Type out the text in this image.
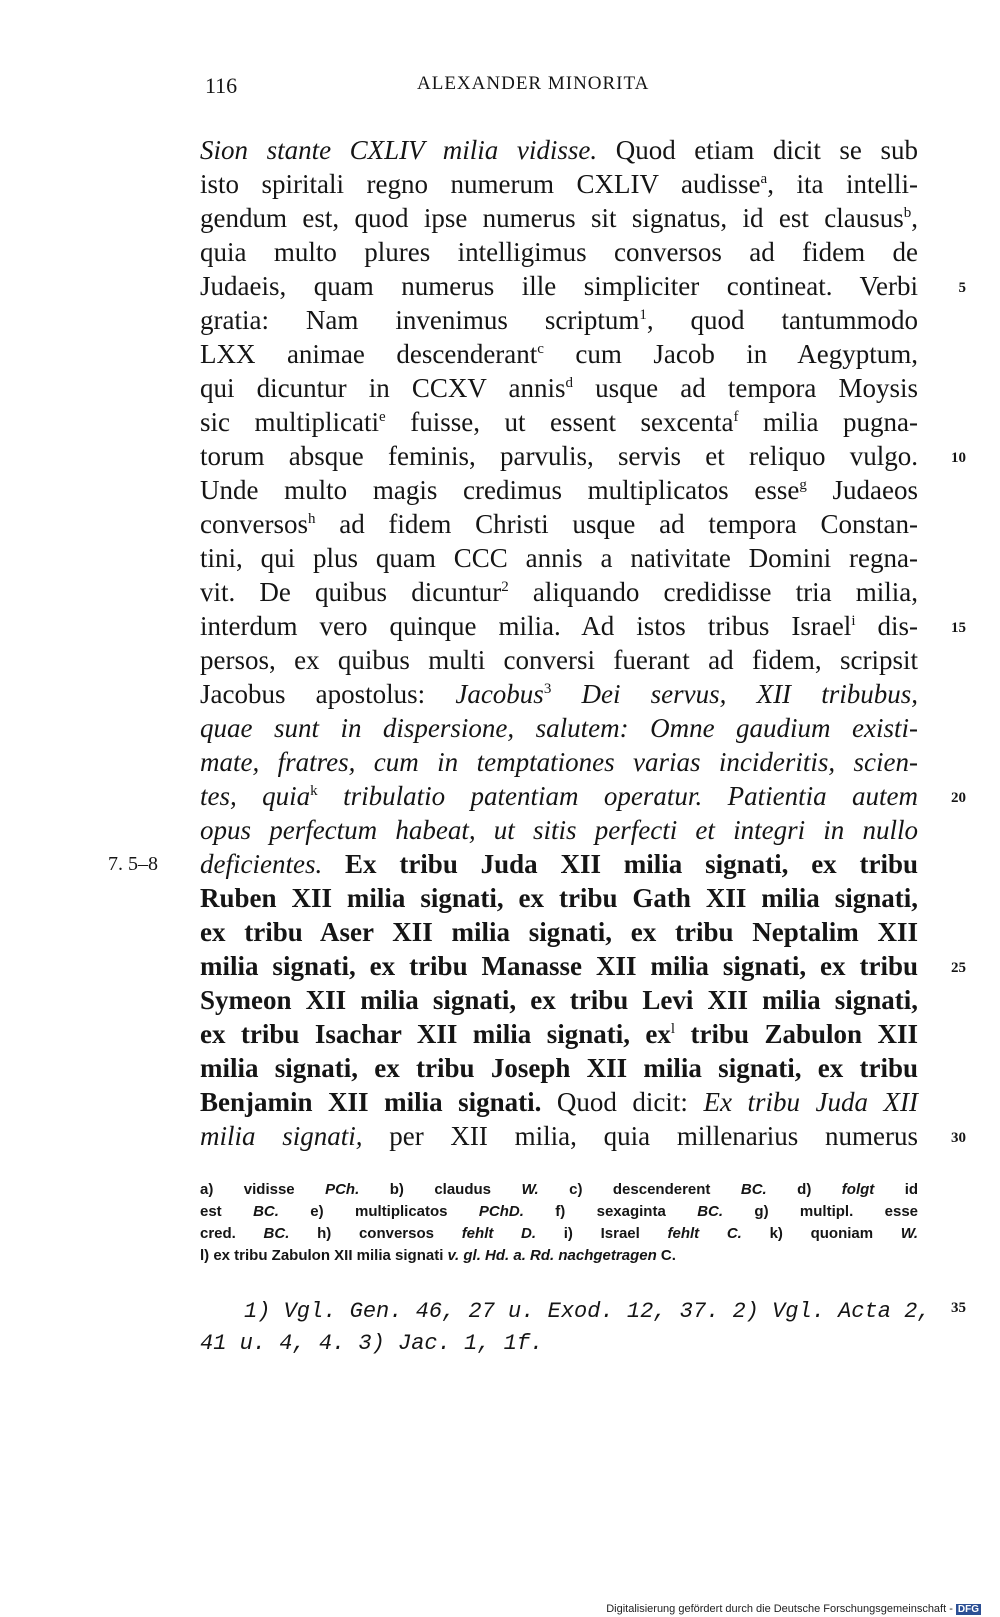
116	ALEXANDER MINORITA
Sion stante CXLIV milia vidisse. Quod etiam dicit se sub
isto spiritali regno numerum CXLIV audisse$^a$, ita intelli-
gendum est, quod ipse numerus sit signatus, id est clausus$^b$,
quia multo plures intelligimus conversos ad fidem de
Judaeis, quam numerus ille simpliciter contineat. Verbi	5
gratia: Nam invenimus scriptum$^1$, quod tantummodo
LXX animae descenderant$^c$ cum Jacob in Aegyptum,
qui dicuntur in CCXV annis$^d$ usque ad tempora Moysis
sic multiplicati$^e$ fuisse, ut essent sexcenta$^f$ milia pugna-
torum absque feminis, parvulis, servis et reliquo vulgo. 10
Unde multo magis credimus multiplicatos esse$^g$ Judaeos
conversos$^h$ ad fidem Christi usque ad tempora Constan-
tini, qui plus quam CCC annis a nativitate Domini regna-
vit. De quibus dicuntur$^2$ aliquando credidisse tria milia,
interdum vero quinque milia. Ad istos tribus Israel$^i$ dis- 15
persos, ex quibus multi conversi fuerant ad fidem, scripsit
Jacobus apostolus: Jacobus$^3$ Dei servus, XII tribubus,
quae sunt in dispersione, salutem: Omne gaudium existi-
mate, fratres, cum in temptationes varias incideritis, scien-
tes, quia$^k$ tribulatio patentiam operatur. Patientia autem 20
opus perfectum habeat, ut sitis perfecti et integri in nullo
7. 5–8 deficientes. Ex tribu Juda XII milia signati, ex tribu
Ruben XII milia signati, ex tribu Gath XII milia signati,
ex tribu Aser XII milia signati, ex tribu Neptalim XII
milia signati, ex tribu Manasse XII milia signati, ex tribu 25
Symeon XII milia signati, ex tribu Levi XII milia signati,
ex tribu Isachar XII milia signati, $ex^l$ tribu Zabulon XII
milia signati, ex tribu Joseph XII milia signati, ex tribu
Benjamin XII milia signati. Quod dicit: Ex tribu Juda XII
milia signati, per XII milia, quia millenarius numerus 30
a) vidisse PCh. b) claudus W. c) descenderent BC. d) folgt id
est BC. e) multiplicatos PChD. f) sexaginta BC. g) multipl. esse
cred. BC. h) conversos fehlt D. i) Israel fehlt C. k) quoniam W.
l) ex tribu Zabulon XII milia signati v. gl. Hd. a. Rd. nachgetragen C.
1) Vgl. Gen. 46, 27 u. Exod. 12, 37. 2) Vgl. Acta 2, 35
41 u. 4, 4. 3) Jac. 1, 1f.
Digitalisierung gefördert durch die Deutsche Forschungsgemeinschaft - DFG
